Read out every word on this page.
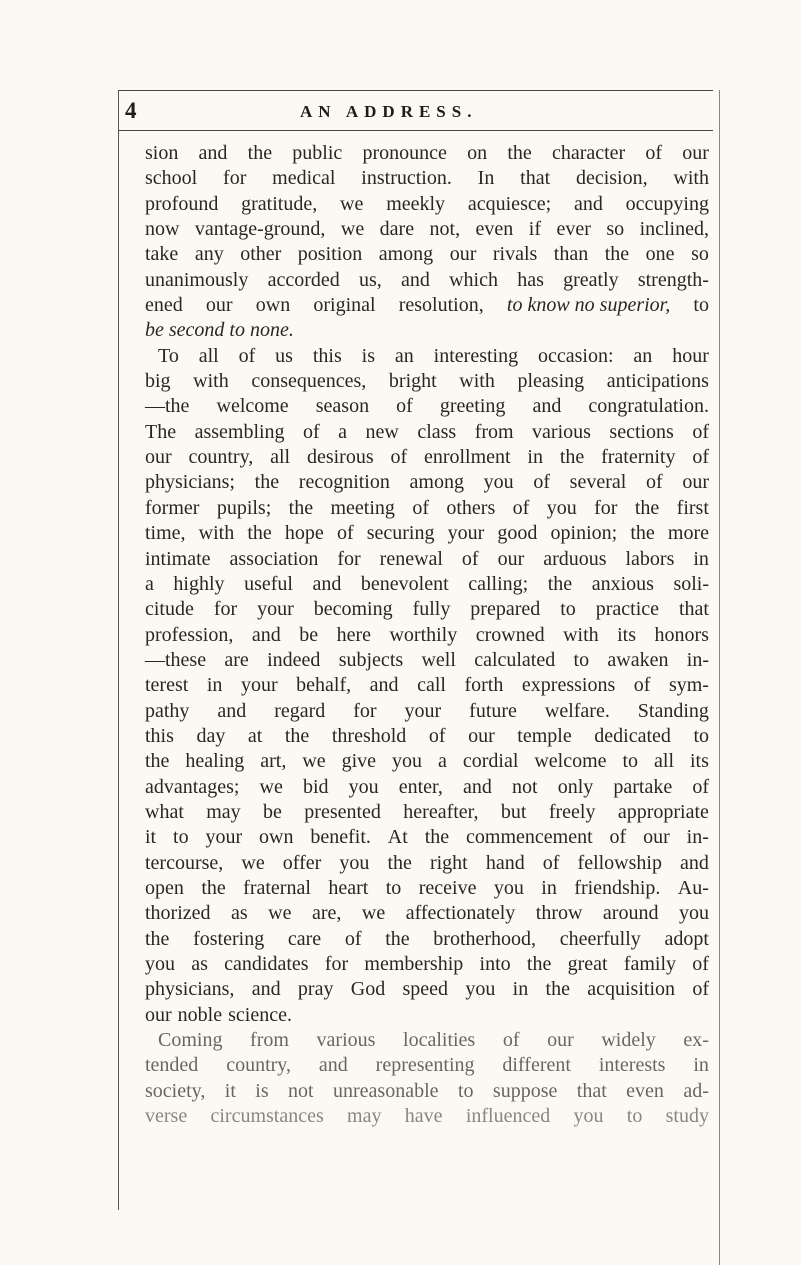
4	AN ADDRESS.
sion and the public pronounce on the character of our
school for medical instruction. In that decision, with
profound gratitude, we meekly acquiesce; and occupying
now vantage-ground, we dare not, even if ever so inclined,
take any other position among our rivals than the one so
unanimously accorded us, and which has greatly strength-
ened our own original resolution, to know no superior, to
be second to none.
To all of us this is an interesting occasion: an hour
big with consequences, bright with pleasing anticipations
—the welcome season of greeting and congratulation.
The assembling of a new class from various sections of
our country, all desirous of enrollment in the fraternity of
physicians; the recognition among you of several of our
former pupils; the meeting of others of you for the first
time, with the hope of securing your good opinion; the more
intimate association for renewal of our arduous labors in
a highly useful and benevolent calling; the anxious soli-
citude for your becoming fully prepared to practice that
profession, and be here worthily crowned with its honors
—these are indeed subjects well calculated to awaken in-
terest in your behalf, and call forth expressions of sym-
pathy and regard for your future welfare. Standing
this day at the threshold of our temple dedicated to
the healing art, we give you a cordial welcome to all its
advantages; we bid you enter, and not only partake of
what may be presented hereafter, but freely appropriate
it to your own benefit. At the commencement of our in-
tercourse, we offer you the right hand of fellowship and
open the fraternal heart to receive you in friendship. Au-
thorized as we are, we affectionately throw around you
the fostering care of the brotherhood, cheerfully adopt
you as candidates for membership into the great family of
physicians, and pray God speed you in the acquisition of
our noble science.
Coming from various localities of our widely ex-
tended country, and representing different interests in
society, it is not unreasonable to suppose that even ad-
verse circumstances may have influenced you to study
